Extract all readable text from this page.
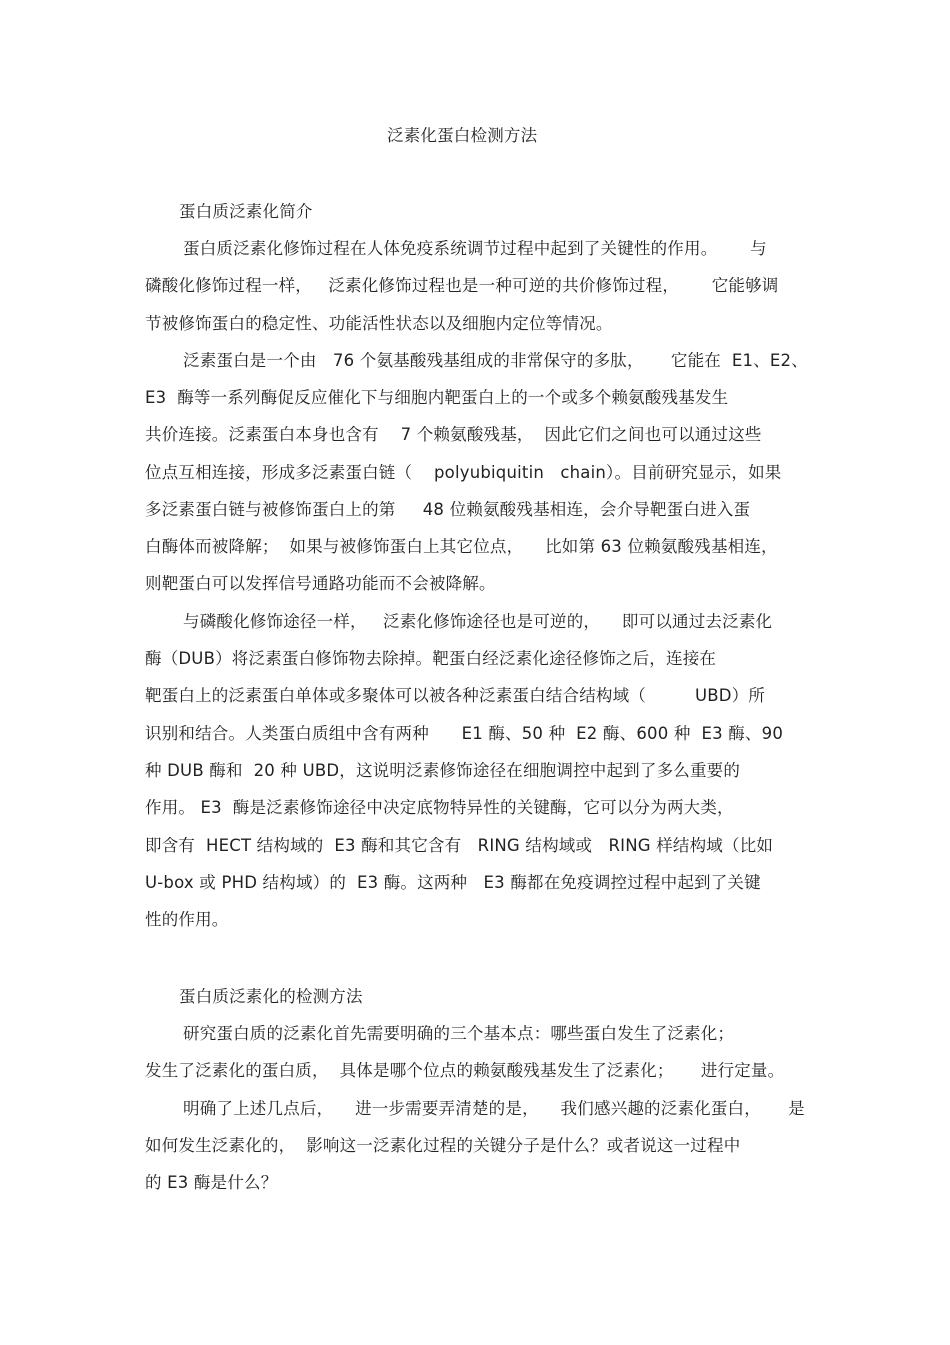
泛素化蛋白检测方法

蛋白质泛素化简介

蛋白质泛素化修饰过程在人体免疫系统调节过程中起到了关键性的作用。      与

磷酸化修饰过程一样，   泛素化修饰过程也是一种可逆的共价修饰过程，      它能够调

节被修饰蛋白的稳定性、功能活性状态以及细胞内定位等情况。

泛素蛋白是一个由   76 个氨基酸残基组成的非常保守的多肽，     它能在  E1、E2、

E3  酶等一系列酶促反应催化下与细胞内靶蛋白上的一个或多个赖氨酸残基发生

共价连接。泛素蛋白本身也含有    7 个赖氨酸残基，  因此它们之间也可以通过这些

位点互相连接，形成多泛素蛋白链（    polyubiquitin   chain）。目前研究显示，如果

多泛素蛋白链与被修饰蛋白上的第     48 位赖氨酸残基相连，会介导靶蛋白进入蛋

白酶体而被降解；  如果与被修饰蛋白上其它位点，    比如第 63 位赖氨酸残基相连，

则靶蛋白可以发挥信号通路功能而不会被降解。

与磷酸化修饰途径一样，   泛素化修饰途径也是可逆的，    即可以通过去泛素化

酶（DUB）将泛素蛋白修饰物去除掉。靶蛋白经泛素化途径修饰之后，连接在

靶蛋白上的泛素蛋白单体或多聚体可以被各种泛素蛋白结合结构域（         UBD）所

识别和结合。人类蛋白质组中含有两种      E1 酶、50 种  E2 酶、600 种  E3 酶、90

种 DUB 酶和  20 种 UBD，这说明泛素修饰途径在细胞调控中起到了多么重要的

作用。 E3  酶是泛素修饰途径中决定底物特异性的关键酶，它可以分为两大类，

即含有  HECT 结构域的  E3 酶和其它含有   RING 结构域或   RING 样结构域（比如

U-box 或 PHD 结构域）的  E3 酶。这两种   E3 酶都在免疫调控过程中起到了关键

性的作用。

蛋白质泛素化的检测方法

研究蛋白质的泛素化首先需要明确的三个基本点：哪些蛋白发生了泛素化；

发生了泛素化的蛋白质，  具体是哪个位点的赖氨酸残基发生了泛素化；     进行定量。

明确了上述几点后，    进一步需要弄清楚的是，    我们感兴趣的泛素化蛋白，     是

如何发生泛素化的，  影响这一泛素化过程的关键分子是什么？或者说这一过程中

的 E3 酶是什么？
